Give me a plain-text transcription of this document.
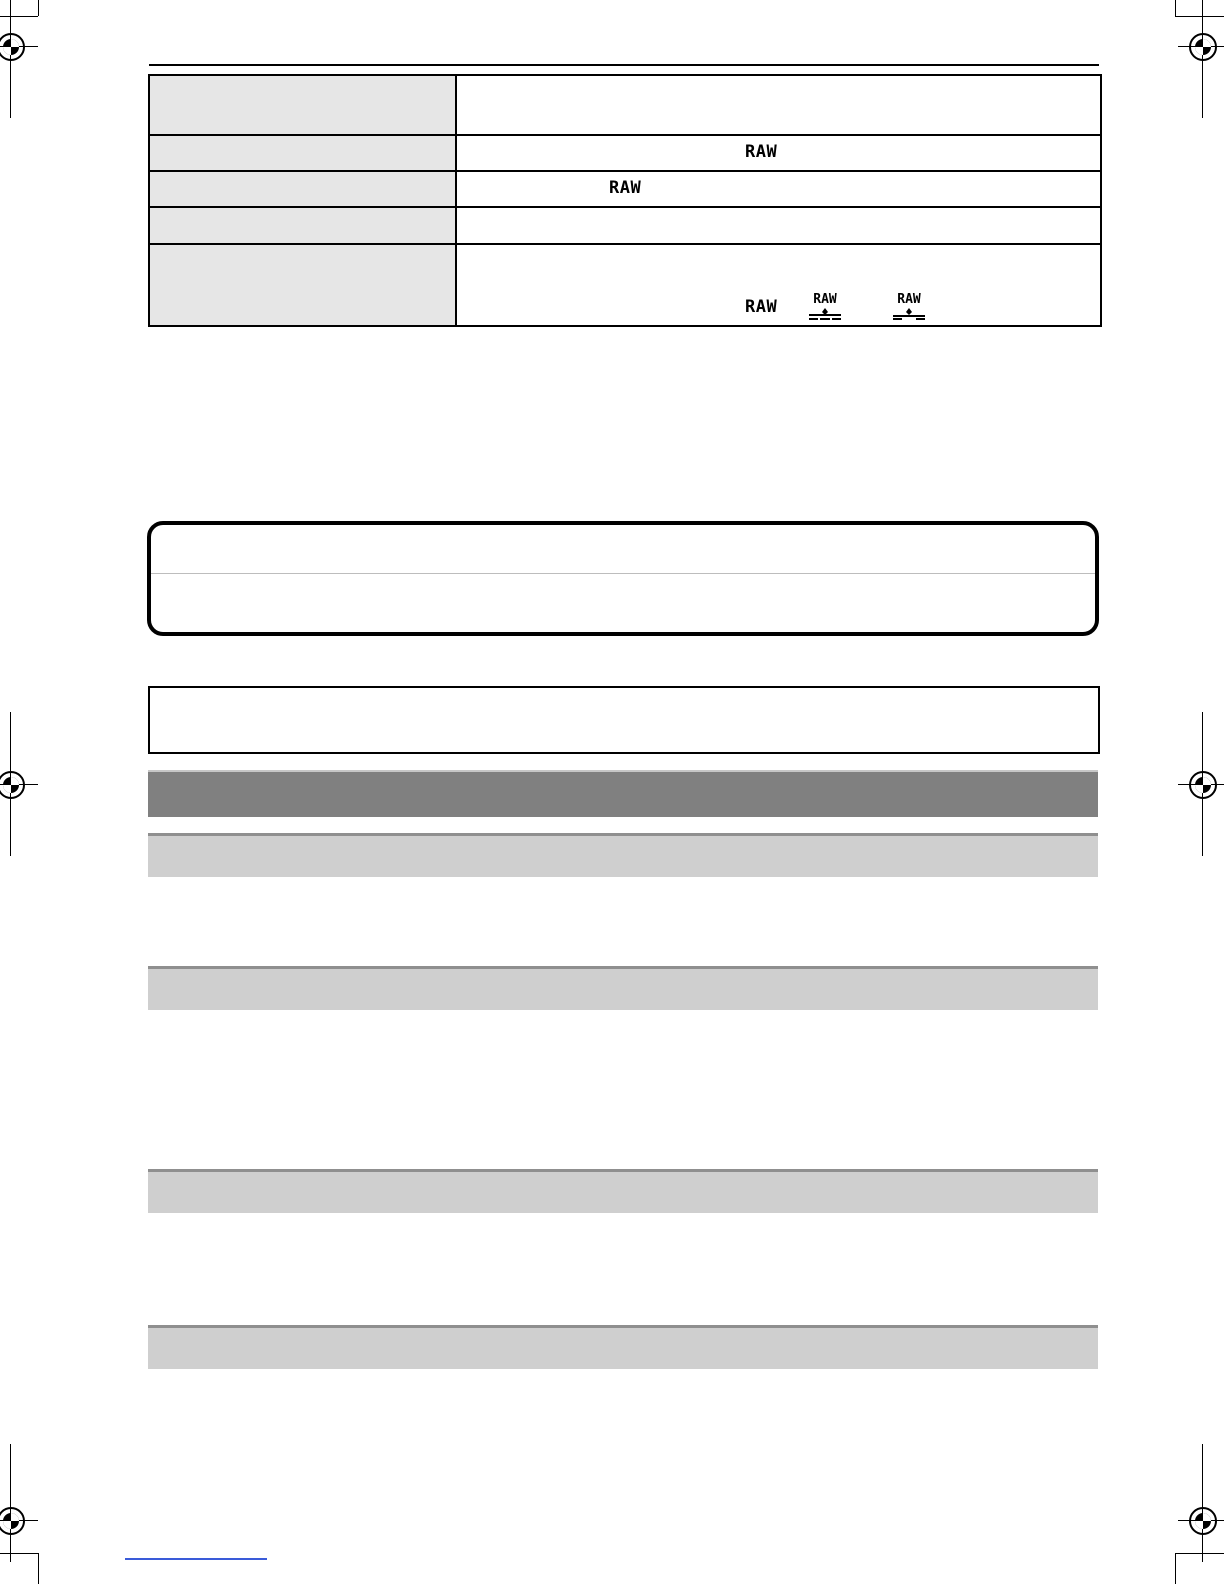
	RAW

	RAW

	RAW RAW RAW
